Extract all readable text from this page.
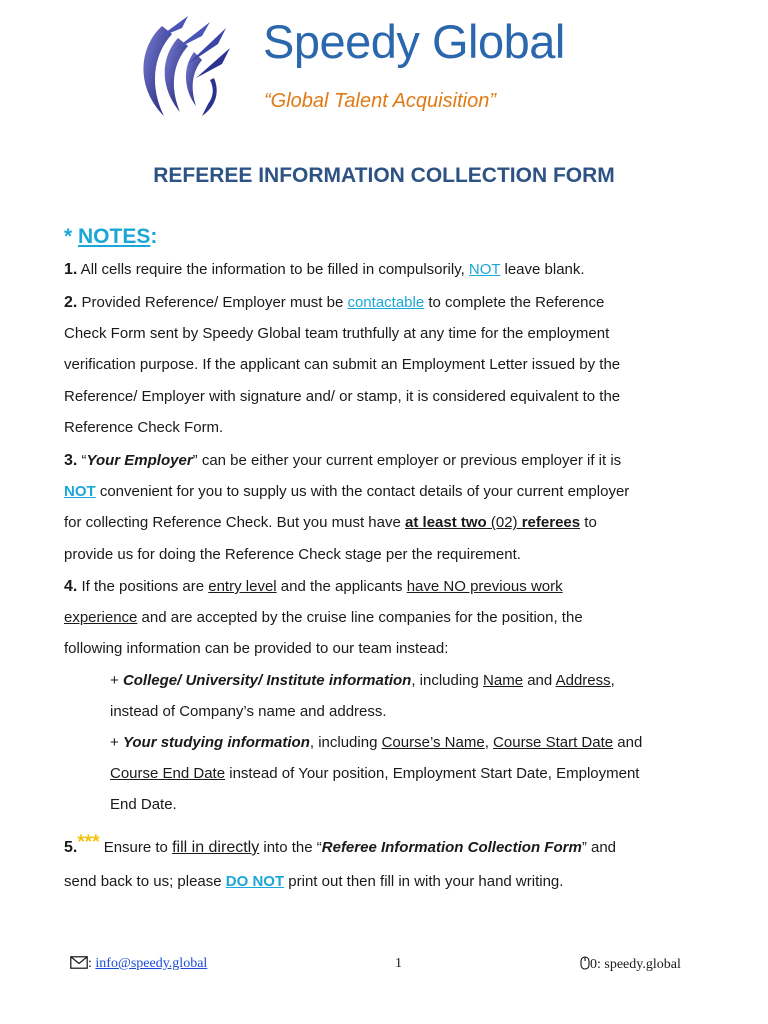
Speedy Global
“Global Talent Acquisition”
REFEREE INFORMATION COLLECTION FORM
* NOTES:
1. All cells require the information to be filled in compulsorily, NOT leave blank.
2. Provided Reference/ Employer must be contactable to complete the Reference
Check Form sent by Speedy Global team truthfully at any time for the employment
verification purpose. If the applicant can submit an Employment Letter issued by the
Reference/ Employer with signature and/ or stamp, it is considered equivalent to the
Reference Check Form.
3. “Your Employer” can be either your current employer or previous employer if it is
NOT convenient for you to supply us with the contact details of your current employer
for collecting Reference Check. But you must have at least two (02) referees to
provide us for doing the Reference Check stage per the requirement.
4. If the positions are entry level and the applicants have NO previous work
experience and are accepted by the cruise line companies for the position, the
following information can be provided to our team instead:
+ College/ University/ Institute information, including Name and Address,
instead of Company’s name and address.
+ Your studying information, including Course’s Name, Course Start Date and
Course End Date instead of Your position, Employment Start Date, Employment
End Date.
5.*** Ensure to fill in directly into the “Referee Information Collection Form” and
send back to us; please DO NOT print out then fill in with your hand writing.
: info@speedy.global	1	0: speedy.global
